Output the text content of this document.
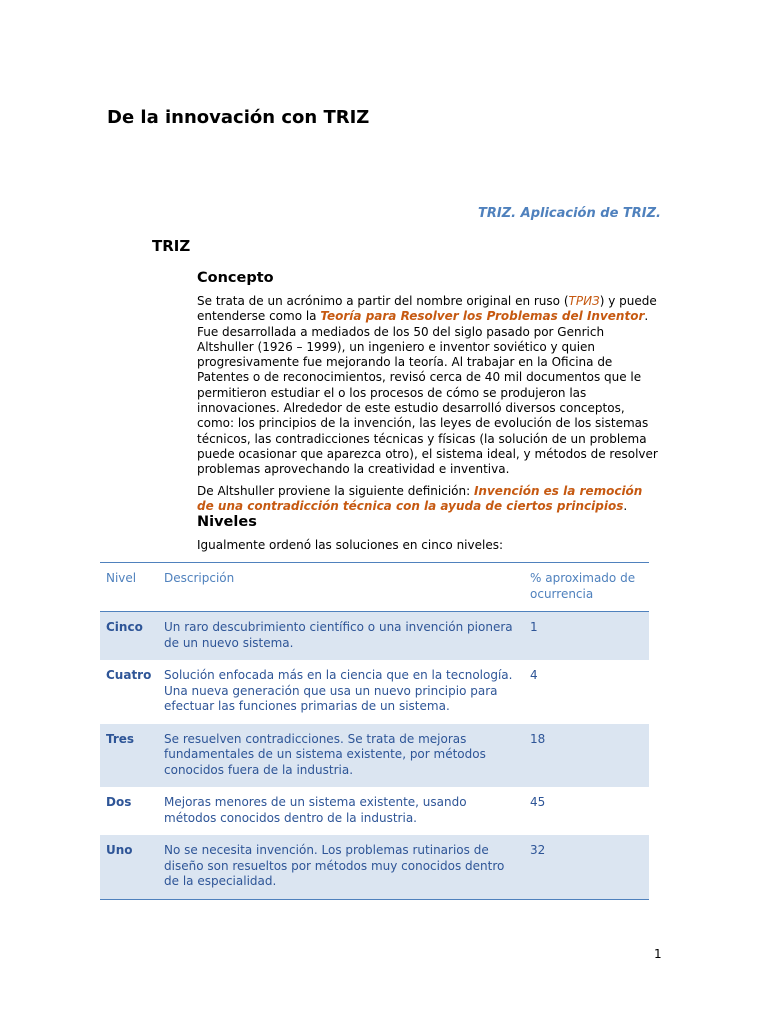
De la innovación con TRIZ
TRIZ. Aplicación de TRIZ.
TRIZ
Concepto

Se trata de un acrónimo a partir del nombre original en ruso (ТРИЗ) y puede entenderse como la Teoría para Resolver los Problemas del Inventor. Fue desarrollada a mediados de los 50 del siglo pasado por Genrich Altshuller (1926 – 1999), un ingeniero e inventor soviético y quien progresivamente fue mejorando la teoría. Al trabajar en la Oficina de Patentes o de reconocimientos, revisó cerca de 40 mil documentos que le permitieron estudiar el o los procesos de cómo se produjeron las innovaciones. Alrededor de este estudio desarrolló diversos conceptos, como: los principios de la invención, las leyes de evolución de los sistemas técnicos, las contradicciones técnicas y físicas (la solución de un problema puede ocasionar que aparezca otro), el sistema ideal, y métodos de resolver problemas aprovechando la creatividad e inventiva.

De Altshuller proviene la siguiente definición: Invención es la remoción de una contradicción técnica con la ayuda de ciertos principios.

Niveles

Igualmente ordenó las soluciones en cinco niveles:

Nivel	Descripción	% aproximado de ocurrencia
Cinco	Un raro descubrimiento científico o una invención pionera de un nuevo sistema.	1
Cuatro	Solución enfocada más en la ciencia que en la tecnología. Una nueva generación que usa un nuevo principio para efectuar las funciones primarias de un sistema.	4
Tres	Se resuelven contradicciones. Se trata de mejoras fundamentales de un sistema existente, por métodos conocidos fuera de la industria.	18
Dos	Mejoras menores de un sistema existente, usando métodos conocidos dentro de la industria.	45
Uno	No se necesita invención. Los problemas rutinarios de diseño son resueltos por métodos muy conocidos dentro de la especialidad.	32
1
